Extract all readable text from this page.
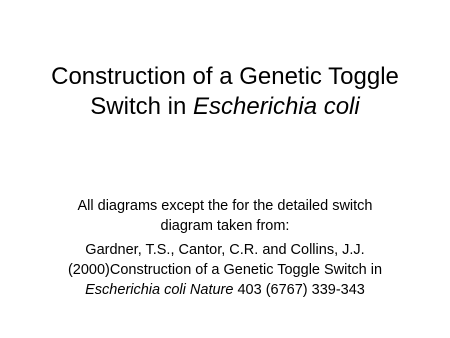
Construction of a Genetic Toggle
Switch in Escherichia coli

All diagrams except the for the detailed switch
diagram taken from:

Gardner, T.S., Cantor, C.R. and Collins, J.J.
(2000)Construction of a Genetic Toggle Switch in
Escherichia coli Nature 403 (6767) 339-343
